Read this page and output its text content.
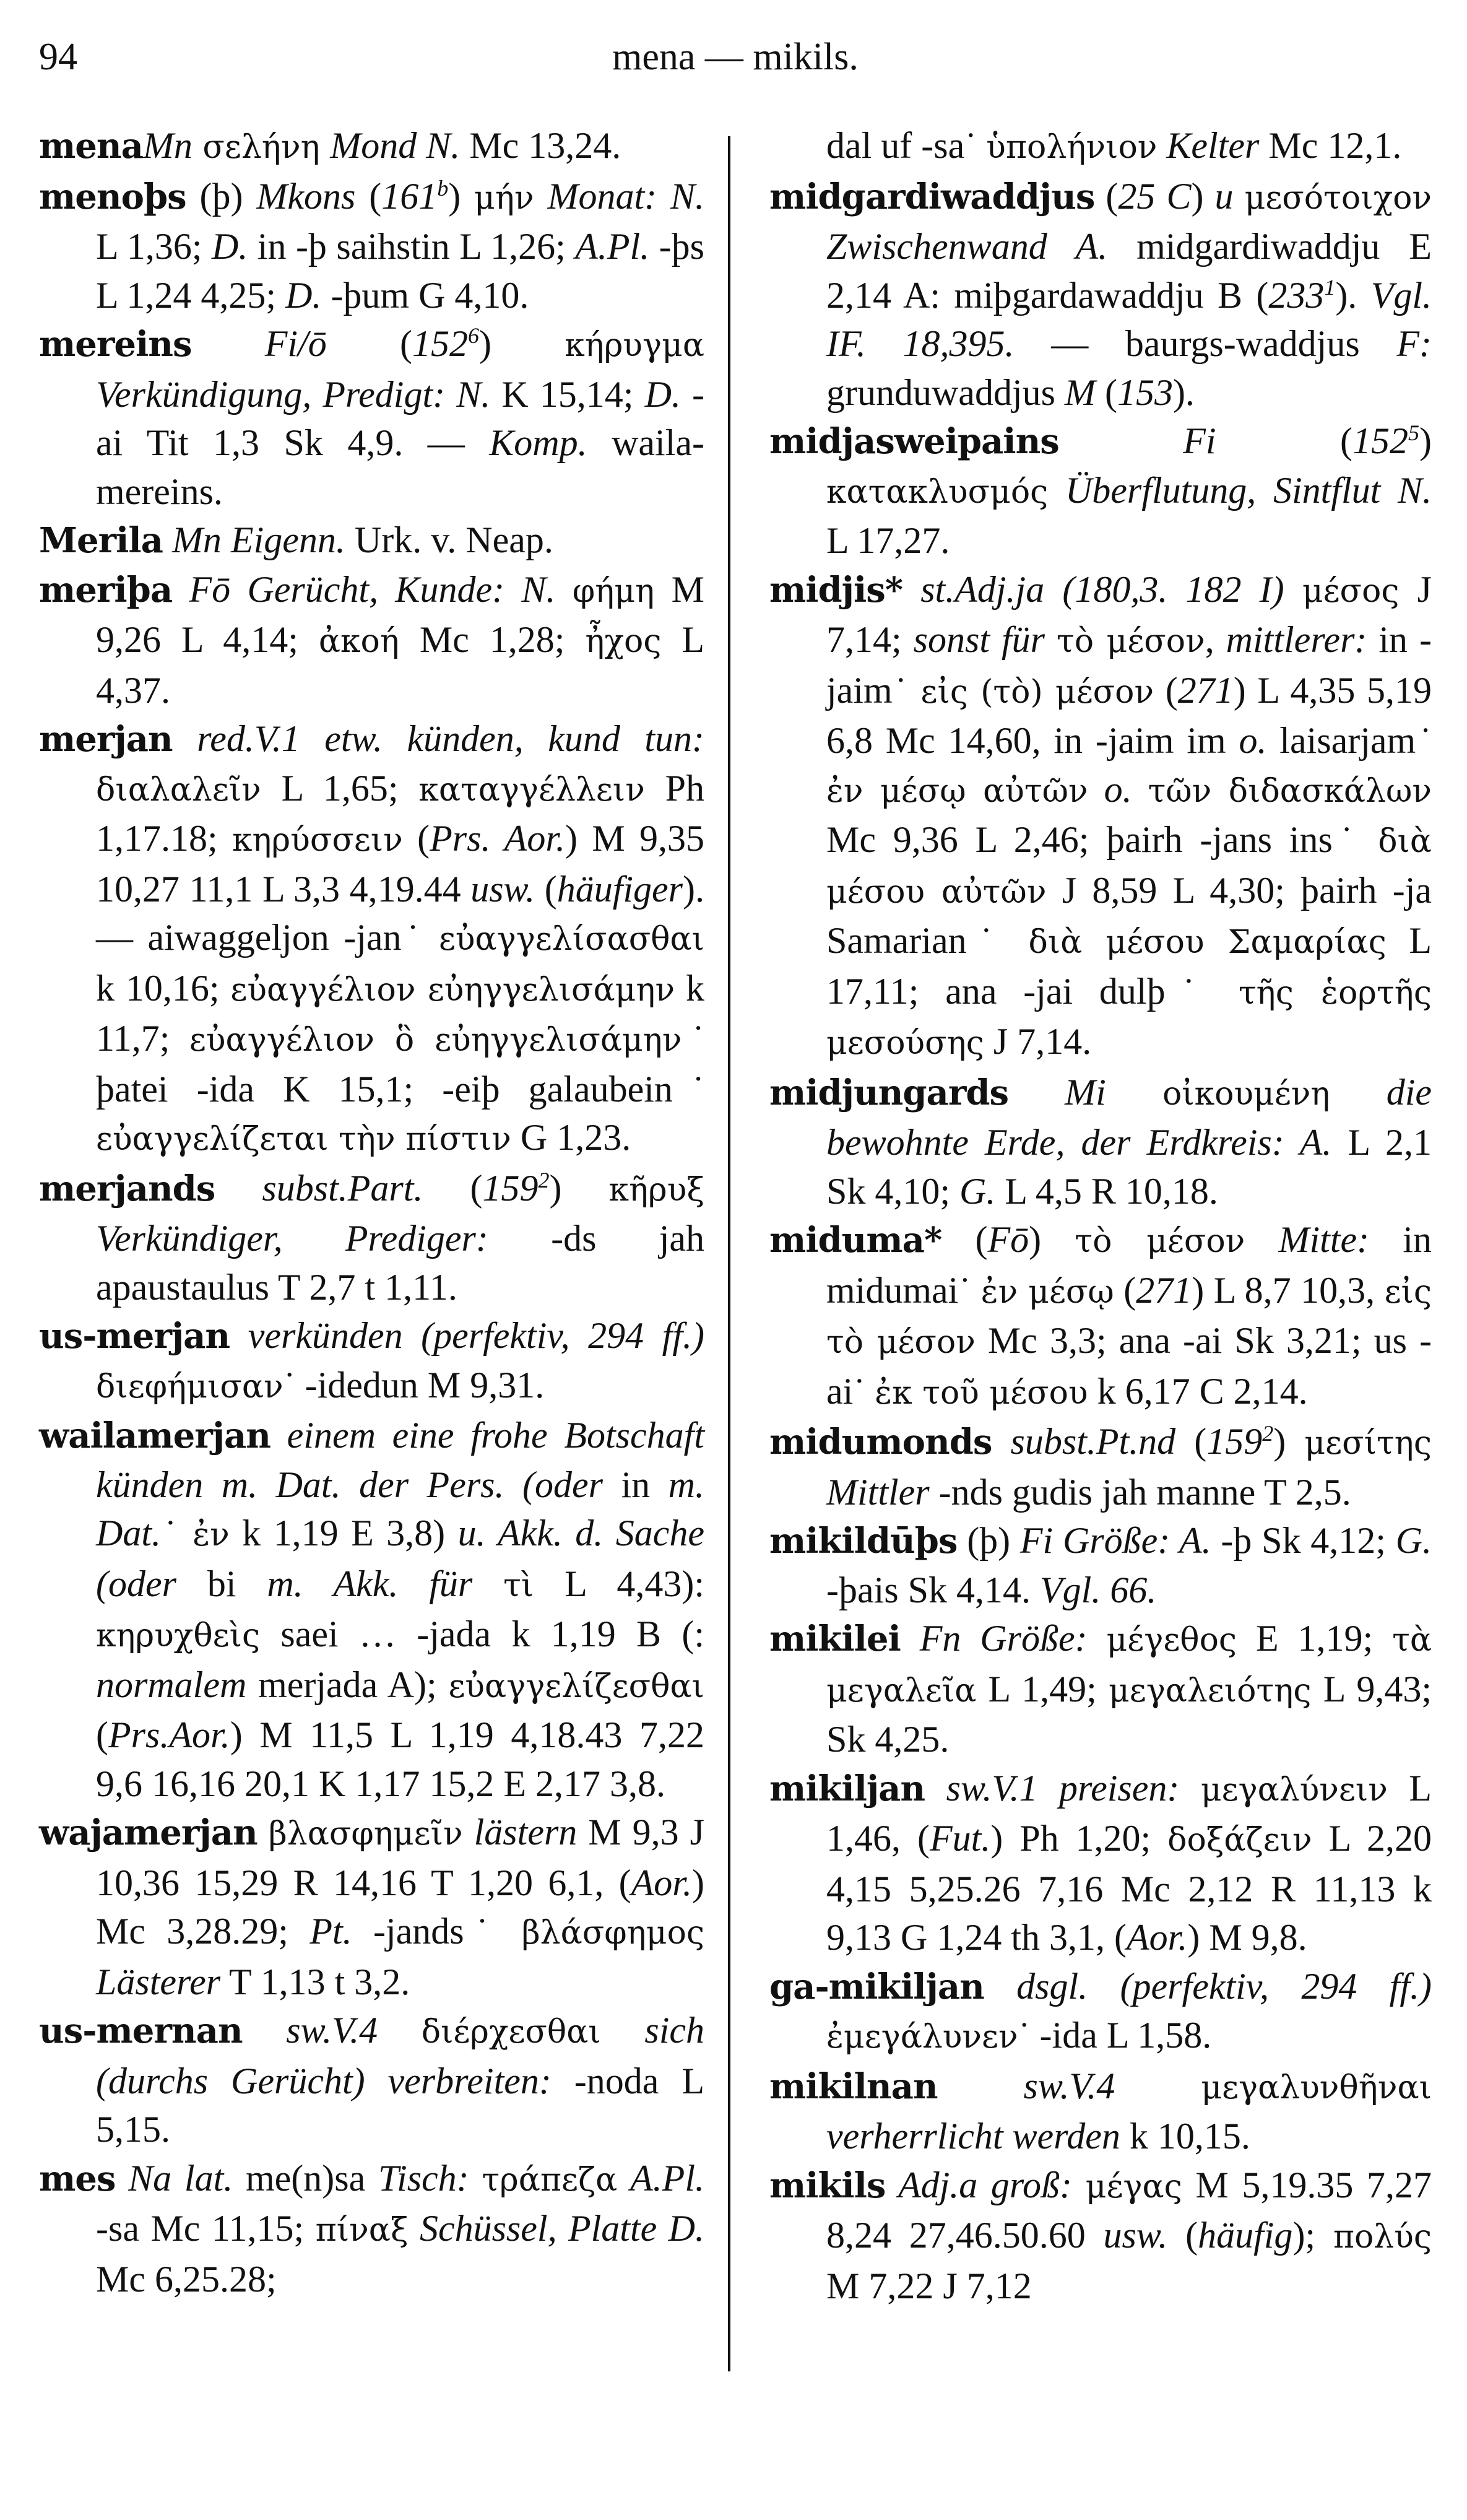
94	mena — mikils.

menaMn σελήνη Mond N. Mc 13,24.

menoþs (þ) Mkons (161$^b$) μήν Monat: N. L 1,36; D. in -þ saihstin L 1,26; A.Pl. -þs L 1,24 4,25; D. -þum G 4,10.

mereins Fi/ō $(152^6)$ κήρυγμα Verkündigung, Predigt: N. K 15,14; D. -ai Tit 1,3 Sk 4,9. — Komp. waila-mereins.

Merila Mn Eigenn. Urk. v. Neap.

meriþa Fō Gerücht, Kunde: N. φήμη M 9,26 L 4,14; ἀκοή Mc 1,28; ἦχος L 4,37.

merjan red.V.1 etw. künden, kund tun: διαλαλεῖν L 1,65; καταγγέλλειν Ph 1,17.18; κηρύσσειν (Prs. Aor.) M 9,35 10,27 11,1 L 3,3 4,19.44 usw. (häufiger). — aiwaggeljon -jan˙ εὐαγγελίσασθαι k 10,16; εὐαγγέλιον εὐηγγελισάμην k 11,7; εὐαγγέλιον ὃ εὐηγγελισάμην˙ þatei -ida K 15,1; -eiþ galaubein˙ εὐαγγελίζεται τὴν πίστιν G 1,23.

merjands subst.Part. $(159^2)$ κῆρυξ Verkündiger, Prediger: -ds jah apaustaulus T 2,7 t 1,11.

us-merjan verkünden (perfektiv, 294 ff.) διεφήμισαν˙ -idedun M 9,31.

wailamerjan einem eine frohe Botschaft künden m. Dat. der Pers. (oder in m. Dat.˙ ἐν k 1,19 E 3,8) u. Akk. d. Sache (oder bi m. Akk. für τὶ L 4,43): κηρυχθεὶς saei … -jada k 1,19 B (: normalem merjada A); εὐαγγελίζεσθαι (Prs.Aor.) M 11,5 L 1,19 4,18.43 7,22 9,6 16,16 20,1 K 1,17 15,2 E 2,17 3,8.

wajamerjan βλασφημεῖν lästern M 9,3 J 10,36 15,29 R 14,16 T 1,20 6,1, (Aor.) Mc 3,28.29; Pt. -jands˙ βλάσφημος Lästerer T 1,13 t 3,2.

us-mernan sw.V.4 διέρχεσθαι sich (durchs Gerücht) verbreiten: -noda L 5,15.

mes Na lat. me(n)sa Tisch: τράπεζα A.Pl. -sa Mc 11,15; πίναξ Schüssel, Platte D. Mc 6,25.28;

dal uf -sa˙ ὑπολήνιον Kelter Mc 12,1.

midgardiwaddjus (25 C) u μεσότοιχον Zwischenwand A. midgardiwaddju E 2,14 A: miþgardawaddju B $(233^1)$. Vgl. IF. 18,395. — baurgs-waddjus F: grunduwaddjus M (153).

midjasweipains Fi $(152^5)$ κατακλυσμός Überflutung, Sintflut N. L 17,27.

midjis* st.Adj.ja (180,3. 182 I) μέσος J 7,14; sonst für τὸ μέσον, mittlerer: in -jaim˙ εἰς (τὸ) μέσον (271) L 4,35 5,19 6,8 Mc 14,60, in -jaim im o. laisarjam˙ ἐν μέσῳ αὐτῶν o. τῶν διδασκάλων Mc 9,36 L 2,46; þairh -jans ins˙ διὰ μέσου αὐτῶν J 8,59 L 4,30; þairh -ja Samarian˙ διὰ μέσου Σαμαρίας L 17,11; ana -jai dulþ˙ τῆς ἑορτῆς μεσούσης J 7,14.

midjungards Mi οἰκουμένη die bewohnte Erde, der Erdkreis: A. L 2,1 Sk 4,10; G. L 4,5 R 10,18.

miduma* (Fō) τὸ μέσον Mitte: in midumai˙ ἐν μέσῳ (271) L 8,7 10,3, εἰς τὸ μέσον Mc 3,3; ana -ai Sk 3,21; us -ai˙ ἐκ τοῦ μέσου k 6,17 C 2,14.

midumonds subst.Pt.nd $(159^2)$ μεσίτης Mittler -nds gudis jah manne T 2,5.

mikildūþs (þ) Fi Größe: A. -þ Sk 4,12; G. -þais Sk 4,14. Vgl. 66.

mikilei Fn Größe: μέγεθος E 1,19; τὰ μεγαλεῖα L 1,49; μεγαλειότης L 9,43; Sk 4,25.

mikiljan sw.V.1 preisen: μεγαλύνειν L 1,46, (Fut.) Ph 1,20; δοξάζειν L 2,20 4,15 5,25.26 7,16 Mc 2,12 R 11,13 k 9,13 G 1,24 th 3,1, (Aor.) M 9,8.

ga-mikiljan dsgl. (perfektiv, 294 ff.) ἐμεγάλυνεν˙ -ida L 1,58.

mikilnan sw.V.4	μεγαλυνθῆναι verherrlicht werden k 10,15.

mikils Adj.a groß: μέγας M 5,19.35 7,27 8,24 27,46.50.60 usw. (häufig); πολύς M 7,22 J 7,12
